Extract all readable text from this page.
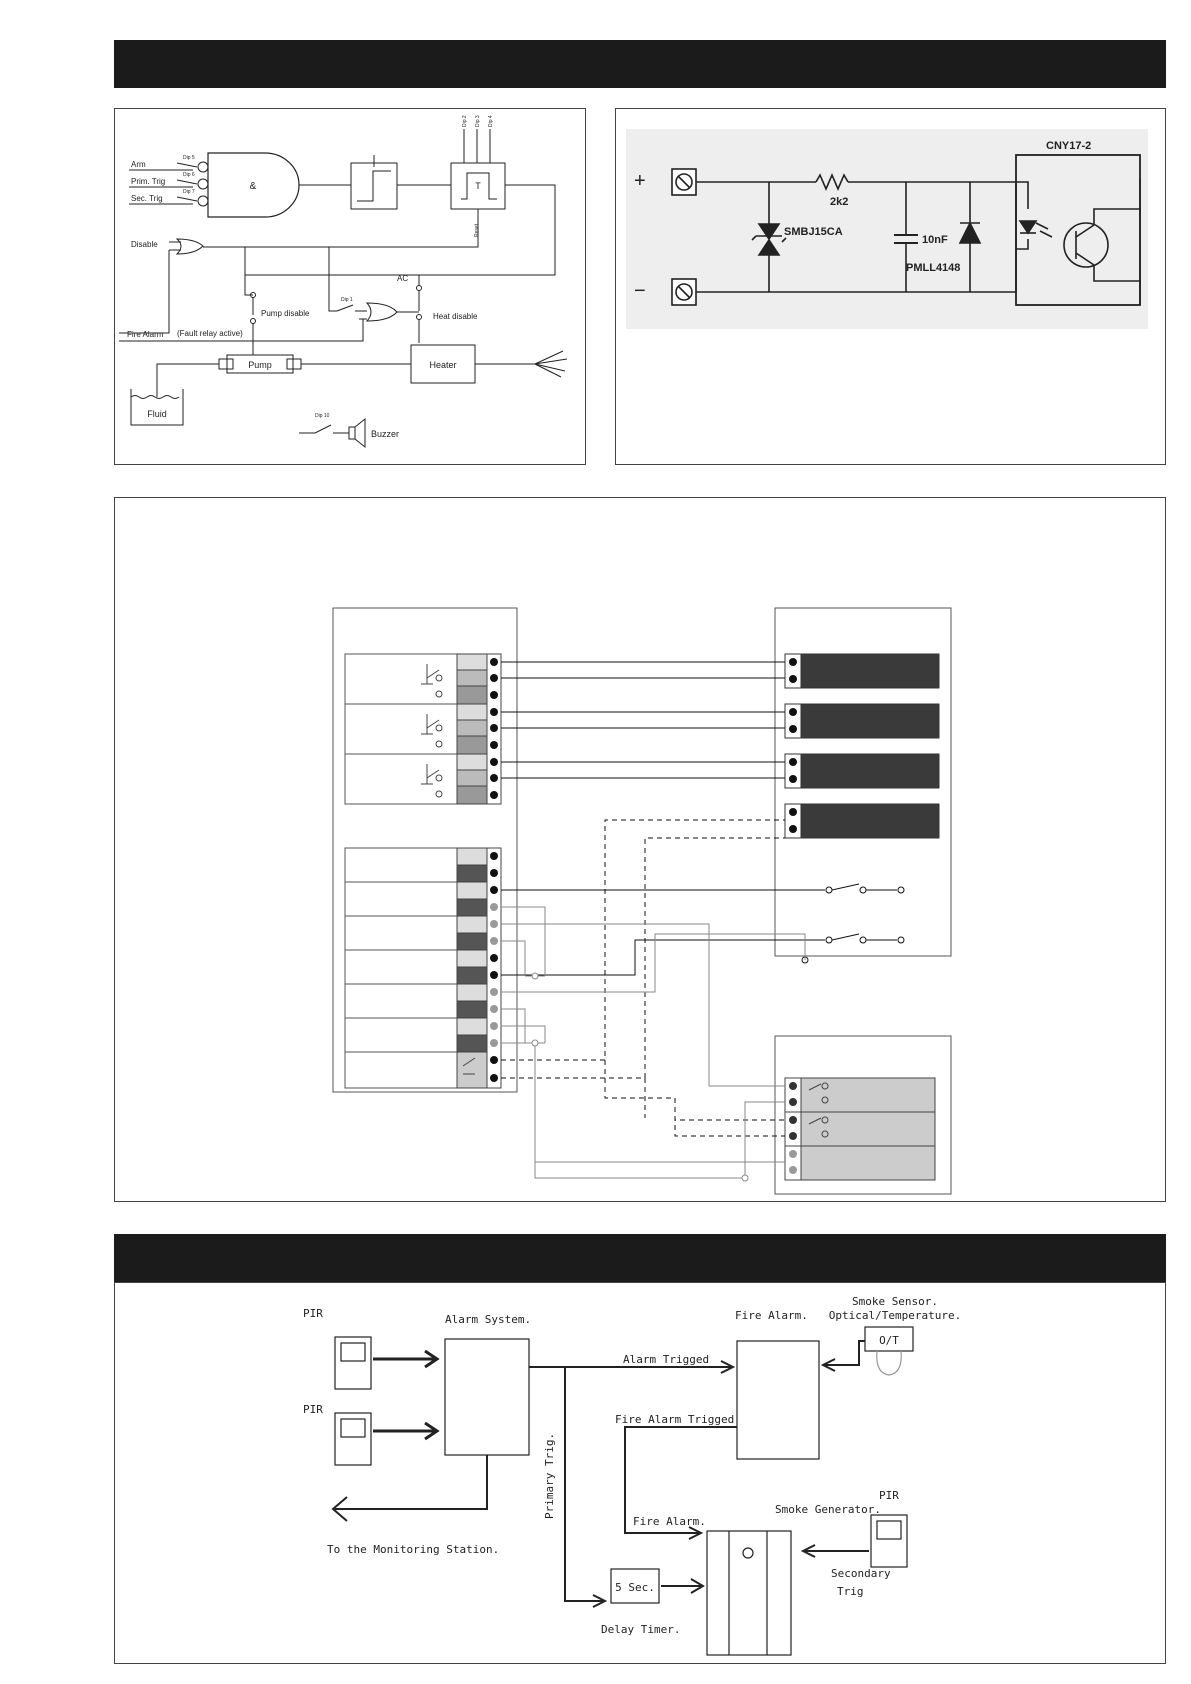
Arm
Prim. Trig
Sec. Trig
Dip 5
Dip 6
Dip 7	&	T
Dip 2 Dip 3 Dip 4
Reset
Disable
Pump disable
Dip 1
AC
Heat disable
Fire Alarm (Fault relay active)
Pump	Heater
Fluid	Dip 10
Buzzer
+
−
2k2
SMBJ15CA
10nF
PMLL4148
CNY17-2
PIR
PIR
Alarm System.
Alarm Trigged
To the Monitoring Station.
Primary Trig.
5 Sec.
Delay Timer.
Fire Alarm.
Fire Alarm Trigged
Fire Alarm.
Smoke Sensor.
Optical/Temperature.
O/T
Smoke Generator.
PIR
Secondary
Trig
